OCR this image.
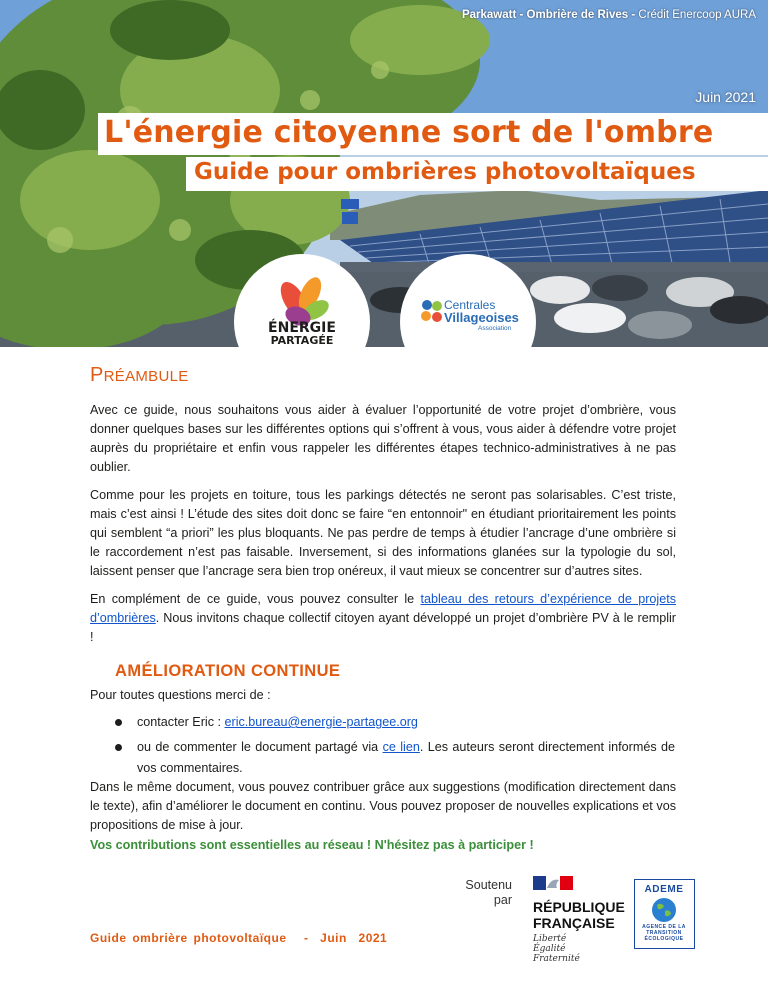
Parkawatt - Ombrière de Rives - Crédit Enercoop AURA
Juin 2021
L'énergie citoyenne sort de l'ombre
Guide pour ombrières photovoltaïques
ÉNERGIE
PARTAGÉE
Centrales
Villageoises
Association
PRÉAMBULE

Avec ce guide, nous souhaitons vous aider à évaluer l’opportunité de votre projet d’ombrière, vous donner quelques bases sur les différentes options qui s’offrent à vous, vous aider à défendre votre projet auprès du propriétaire et enfin vous rappeler les différentes étapes technico-administratives à ne pas oublier.

Comme pour les projets en toiture, tous les parkings détectés ne seront pas solarisables. C’est triste, mais c’est ainsi ! L’étude des sites doit donc se faire “en entonnoir" en étudiant prioritairement les points qui semblent “a priori” les plus bloquants. Ne pas perdre de temps à étudier l’ancrage d’une ombrière si le raccordement n’est pas faisable. Inversement, si des informations glanées sur la typologie du sol, laissent penser que l’ancrage sera bien trop onéreux, il vaut mieux se concentrer sur d’autres sites.

En complément de ce guide, vous pouvez consulter le tableau des retours d’expérience de projets d’ombrières. Nous invitons chaque collectif citoyen ayant développé un projet d’ombrière PV à le remplir !

AMÉLIORATION CONTINUE

Pour toutes questions merci de :

contacter Eric : eric.bureau@energie-partagee.org
ou de commenter le document partagé via ce lien. Les auteurs seront directement informés de vos commentaires.

Dans le même document, vous pouvez contribuer grâce aux suggestions (modification directement dans le texte), afin d’améliorer le document en continu. Vous pouvez proposer de nouvelles explications et vos propositions de mise à jour.

Vos contributions sont essentielles au réseau ! N'hésitez pas à participer !
Guide ombrière photovoltaïque   -  Juin  2021
Soutenu
par RÉPUBLIQUE
FRANÇAISE
Liberté
Égalité
Fraternité
ADEME
AGENCE DE LA
TRANSITION
ÉCOLOGIQUE
